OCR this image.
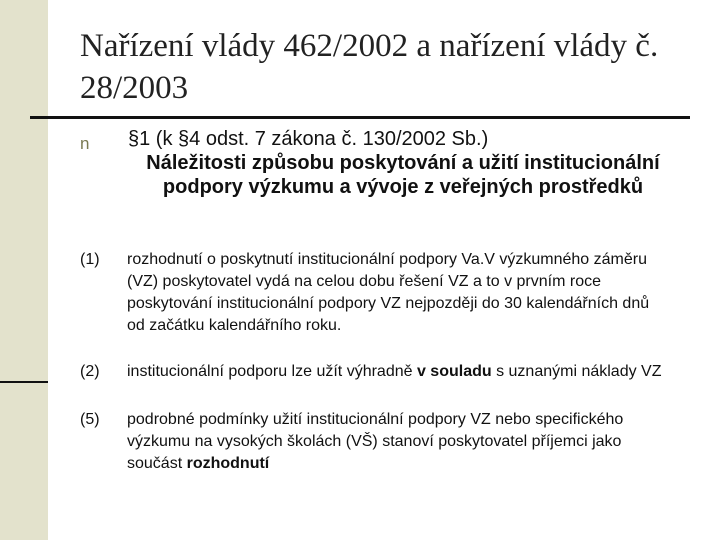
Nařízení vlády 462/2002 a nařízení vlády č. 28/2003
n §1 (k §4 odst. 7 zákona č. 130/2002 Sb.)
Náležitosti způsobu poskytování a užití institucionální podpory výzkumu a vývoje z veřejných prostředků
(1) rozhodnutí o poskytnutí institucionální podpory Va.V výzkumného záměru (VZ) poskytovatel vydá na celou dobu řešení VZ a to v prvním roce poskytování institucionální podpory VZ nejpozději do 30 kalendářních dnů od začátku kalendářního roku.
(2) institucionální podporu lze užít výhradně v souladu s uznanými náklady VZ
(5) podrobné podmínky užití institucionální podpory VZ nebo specifického výzkumu na vysokých školách (VŠ) stanoví poskytovatel příjemci jako součást rozhodnutí
